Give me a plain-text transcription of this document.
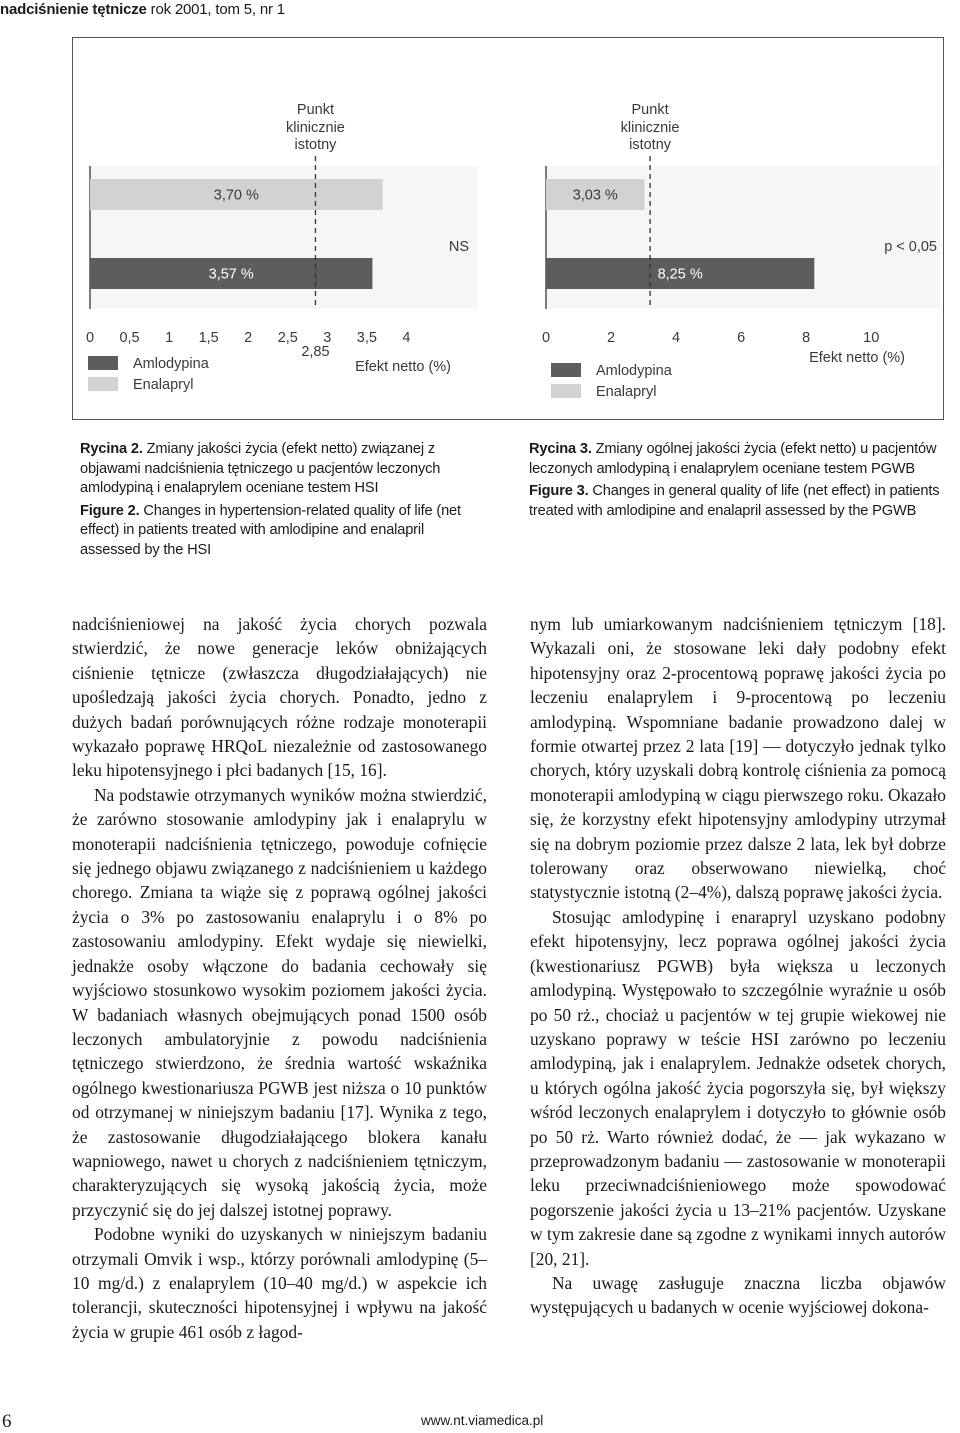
nadciśnienie tętnicze rok 2001, tom 5, nr 1
3,70 %
3,57 %
Punkt
klinicznie
istotny
2,85
0 0,5 1 1,5 2 2,5 3 3,5 4
NS
Efekt netto (%)
Amlodypina
Enalapryl
3,03 %
8,25 %
Punkt
klinicznie
istotny
0	2	4	6	8	10
p < 0,05
Efekt netto (%)
Amlodypina
Enalapryl

Rycina 2. Zmiany jakości życia (efekt netto) związanej z objawami nadciśnienia tętniczego u pacjentów leczonych amlodypiną i enalaprylem oceniane testem HSI

Figure 2. Changes in hypertension-related quality of life (net effect) in patients treated with amlodipine and enalapril assessed by the HSI

Rycina 3. Zmiany ogólnej jakości życia (efekt netto) u pacjentów leczonych amlodypiną i enalaprylem oceniane testem PGWB

Figure 3. Changes in general quality of life (net effect) in patients treated with amlodipine and enalapril assessed by the PGWB

nadciśnieniowej na jakość życia chorych pozwala stwierdzić, że nowe generacje leków obniżających ciśnienie tętnicze (zwłaszcza długodziałających) nie upośledzają jakości życia chorych. Ponadto, jedno z dużych badań porównujących różne rodzaje monoterapii wykazało poprawę HRQoL niezależnie od zastosowanego leku hipotensyjnego i płci badanych [15, 16].

Na podstawie otrzymanych wyników można stwierdzić, że zarówno stosowanie amlodypiny jak i enalaprylu w monoterapii nadciśnienia tętniczego, powoduje cofnięcie się jednego objawu związanego z nadciśnieniem u każdego chorego. Zmiana ta wiąże się z poprawą ogólnej jakości życia o 3% po zastosowaniu enalaprylu i o 8% po zastosowaniu amlodypiny. Efekt wydaje się niewielki, jednakże osoby włączone do badania cechowały się wyjściowo stosunkowo wysokim poziomem jakości życia. W badaniach własnych obejmujących ponad 1500 osób leczonych ambulatoryjnie z powodu nadciśnienia tętniczego stwierdzono, że średnia wartość wskaźnika ogólnego kwestionariusza PGWB jest niższa o 10 punktów od otrzymanej w niniejszym badaniu [17]. Wynika z tego, że zastosowanie długodziałającego blokera kanału wapniowego, nawet u chorych z nadciśnieniem tętniczym, charakteryzujących się wysoką jakością życia, może przyczynić się do jej dalszej istotnej poprawy.

Podobne wyniki do uzyskanych w niniejszym badaniu otrzymali Omvik i wsp., którzy porównali amlodypinę (5–10 mg/d.) z enalaprylem (10–40 mg/d.) w aspekcie ich tolerancji, skuteczności hipotensyjnej i wpływu na jakość życia w grupie 461 osób z łagod-

nym lub umiarkowanym nadciśnieniem tętniczym [18]. Wykazali oni, że stosowane leki dały podobny efekt hipotensyjny oraz 2-procentową poprawę jakości życia po leczeniu enalaprylem i 9-procentową po leczeniu amlodypiną. Wspomniane badanie prowadzono dalej w formie otwartej przez 2 lata [19] — dotyczyło jednak tylko chorych, który uzyskali dobrą kontrolę ciśnienia za pomocą monoterapii amlodypiną w ciągu pierwszego roku. Okazało się, że korzystny efekt hipotensyjny amlodypiny utrzymał się na dobrym poziomie przez dalsze 2 lata, lek był dobrze tolerowany oraz obserwowano niewielką, choć statystycznie istotną (2–4%), dalszą poprawę jakości życia.

Stosując amlodypinę i enarapryl uzyskano podobny efekt hipotensyjny, lecz poprawa ogólnej jakości życia (kwestionariusz PGWB) była większa u leczonych amlodypiną. Występowało to szczególnie wyraźnie u osób po 50 rż., chociaż u pacjentów w tej grupie wiekowej nie uzyskano poprawy w teście HSI zarówno po leczeniu amlodypiną, jak i enalaprylem. Jednakże odsetek chorych, u których ogólna jakość życia pogorszyła się, był większy wśród leczonych enalaprylem i dotyczyło to głównie osób po 50 rż. Warto również dodać, że — jak wykazano w przeprowadzonym badaniu — zastosowanie w monoterapii leku przeciwnadciśnieniowego może spowodować pogorszenie jakości życia u 13–21% pacjentów. Uzyskane w tym zakresie dane są zgodne z wynikami innych autorów [20, 21].

Na uwagę zasługuje znaczna liczba objawów występujących u badanych w ocenie wyjściowej dokona-

6	www.nt.viamedica.pl
